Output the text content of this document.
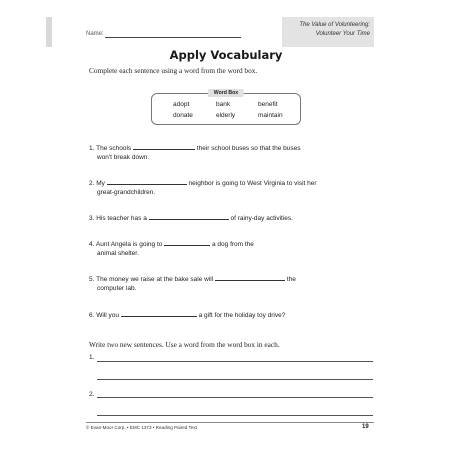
Name:
The Value of Volunteering:
Volunteer Your Time
Apply Vocabulary
Complete each sentence using a word from the word box.
Word Box
adopt	bank	benefit
donate	elderly	maintain
1. The schools	their school buses so that the buses
won't break down.
2. My	neighbor is going to West Virginia to visit her
great-grandchildren.
3. His teacher has a	of rainy-day activities.
4. Aunt Angela is going to	a dog from the
animal shelter.
5. The money we raise at the bake sale will	the
computer lab.
6. Will you	a gift for the holiday toy drive?
Write two new sentences. Use a word from the word box in each.
1.
2.
© Evan-Moor Corp. • EMC 1373 • Reading Paired Text	19
